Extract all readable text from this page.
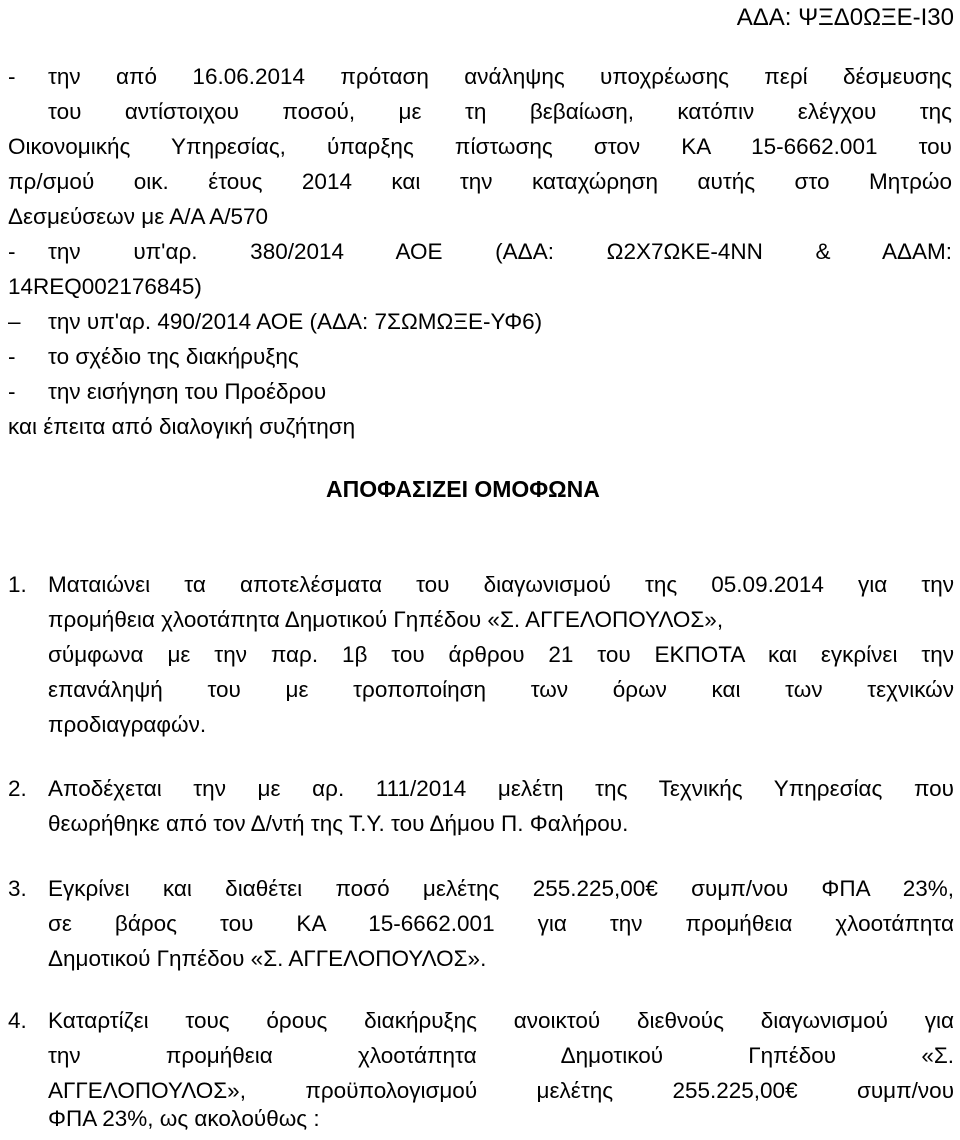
ΑΔΑ: ΨΞΔ0ΩΞΕ-Ι30
- την από 16.06.2014 πρόταση ανάληψης υποχρέωσης περί δέσμευσης
του αντίστοιχου ποσού, με τη βεβαίωση, κατόπιν ελέγχου της
Οικονομικής Υπηρεσίας, ύπαρξης πίστωσης στον ΚΑ 15-6662.001 του
πρ/σμού οικ. έτους 2014 και την καταχώρηση αυτής στο Μητρώο
Δεσμεύσεων με Α/Α Α/570
- την υπ'αρ. 380/2014 ΑΟΕ (ΑΔΑ: Ω2Χ7ΩΚΕ-4ΝΝ & ΑΔΑΜ:
14REQ002176845)
– την υπ'αρ. 490/2014 ΑΟΕ (ΑΔΑ: 7ΣΩΜΩΞΕ-ΥΦ6)
- το σχέδιο της διακήρυξης
- την εισήγηση του Προέδρου
και έπειτα από διαλογική συζήτηση
ΑΠΟΦΑΣΙΖΕΙ ΟΜΟΦΩΝΑ
1. Ματαιώνει τα αποτελέσματα του διαγωνισμού της 05.09.2014 για την
προμήθεια χλοοτάπητα Δημοτικού Γηπέδου «Σ. ΑΓΓΕΛΟΠΟΥΛΟΣ»,
σύμφωνα με την παρ. 1β του άρθρου 21 του ΕΚΠΟΤΑ και εγκρίνει την
επανάληψή του με τροποποίηση των όρων και των τεχνικών
προδιαγραφών.
2. Αποδέχεται την με αρ. 111/2014 μελέτη της Τεχνικής Υπηρεσίας που
θεωρήθηκε από τον Δ/ντή της Τ.Υ. του Δήμου Π. Φαλήρου.
3. Εγκρίνει και διαθέτει ποσό μελέτης 255.225,00€ συμπ/νου ΦΠΑ 23%,
σε βάρος του ΚΑ 15-6662.001 για την προμήθεια χλοοτάπητα
Δημοτικού Γηπέδου «Σ. ΑΓΓΕΛΟΠΟΥΛΟΣ».
4. Καταρτίζει τους όρους διακήρυξης ανοικτού διεθνούς διαγωνισμού για
την προμήθεια χλοοτάπητα Δημοτικού Γηπέδου «Σ.
ΑΓΓΕΛΟΠΟΥΛΟΣ», προϋπολογισμού μελέτης 255.225,00€ συμπ/νου
ΦΠΑ 23%, ως ακολούθως :
